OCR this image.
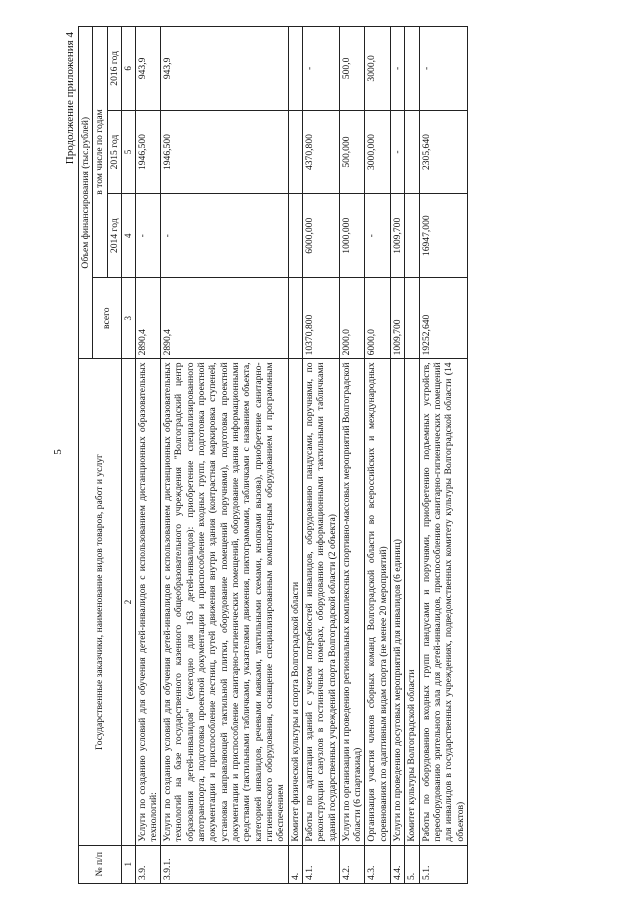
5
Продолжение приложения 4
№ п/п	Государственные заказчики, наименование видов товаров, работ и услуг	Объем финансирования (тыс.рублей)			
		всего	в том числе по годам		
			2014 год	2015 год	2016 год
1	2	3	4	5	6
3.9.	Услуги по созданию условий для обучения детей-инвалидов с использованием дистанционных образовательных технологий:	2890,4	-	1946,500	943,9
3.9.1.	Услуги по созданию условий для обучения детей-инвалидов с использованием дистанционных образовательных технологий на базе государственного казенного общеобразовательного учреждения "Волгоградский центр образования детей-инвалидов" (ежегодно для 163 детей-инвалидов): приобретение специализированного автотранспорта, подготовка проектной документации и приспособление входных групп, подготовка проектной документации и приспособление лестниц, путей движения внутри здания (контрастная маркировка ступеней, установка направляющей тактильной плитки, оборудование помещений поручнями), подготовка проектной документации и приспособление санитарно-гигиенических помещений, оборудование здания информационными средствами (тактильными табличками, указателями движения, пиктограммами, табличками с названием объекта, категорией инвалидов, речевыми маяками, тактильными схемами, кнопками вызова), приобретение санитарно-гигиенического оборудования, оснащение специализированным компьютерным оборудованием и программным обеспечением	2890,4	-	1946,500	943,9
4.	Комитет физической культуры и спорта Волгоградской области				
4.1.	Работы по адаптации зданий с учетом потребностей инвалидов, оборудованию пандусами, поручнями, по реконструкции санузлов в гостиничных номерах, оборудованию информационными тактильными табличками зданий государственных учреждений спорта Волгоградской области (2 объекта)	10370,800	6000,000	4370,800	-
4.2.	Услуги по организации и проведению региональных комплексных спортивно-массовых мероприятий Волгоградской области (6 спартакиад)	2000,0	1000,000	500,000	500,0
4.3.	Организация участия членов сборных команд Волгоградской области во всероссийских и международных соревнованиях по адаптивным видам спорта (не менее 20 мероприятий)	6000,0	-	3000,000	3000,0
4.4.	Услуги по проведению досуговых мероприятий для инвалидов (6 единиц)	1009,700	1009,700	-	-
5.	Комитет культуры Волгоградской области				
5.1.	Работы по оборудованию входных групп пандусами и поручнями, приобретению подъемных устройств, переоборудованию зрительного зала для детей-инвалидов, приспособлению санитарно-гигиенических помещений для инвалидов в государственных учреждениях, подведомственных комитету культуры Волгоградской области (14 объектов)	19252,640	16947,000	2305,640	-
